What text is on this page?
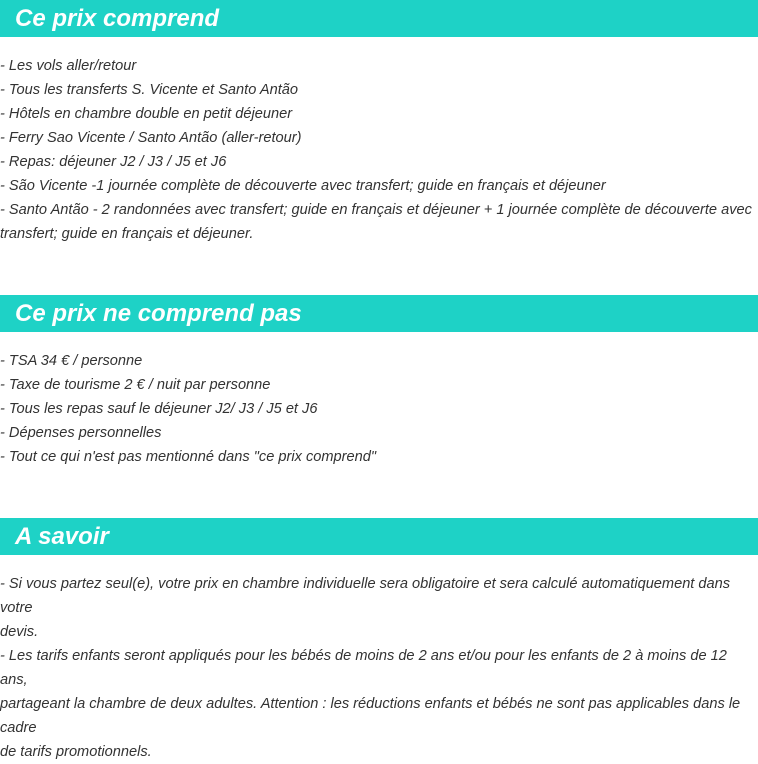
Ce prix comprend
- Les vols aller/retour
- Tous les transferts S. Vicente et Santo Antão
- Hôtels en chambre double en petit déjeuner
- Ferry Sao Vicente / Santo Antão (aller-retour)
- Repas: déjeuner J2 / J3 / J5 et J6
- São Vicente -1 journée complète de découverte avec transfert; guide en français et déjeuner
- Santo Antão - 2 randonnées avec transfert; guide en français et déjeuner + 1 journée complète de découverte avec
transfert; guide en français et déjeuner.
Ce prix ne comprend pas
- TSA 34 € / personne
- Taxe de tourisme 2 € / nuit par personne
- Tous les repas sauf le déjeuner J2/ J3 / J5 et J6
- Dépenses personnelles
- Tout ce qui n'est pas mentionné dans "ce prix comprend"
A savoir
- Si vous partez seul(e), votre prix en chambre individuelle sera obligatoire et sera calculé automatiquement dans votre
devis.
- Les tarifs enfants seront appliqués pour les bébés de moins de 2 ans et/ou pour les enfants de 2 à moins de 12 ans,
partageant la chambre de deux adultes. Attention : les réductions enfants et bébés ne sont pas applicables dans le cadre
de tarifs promotionnels.
